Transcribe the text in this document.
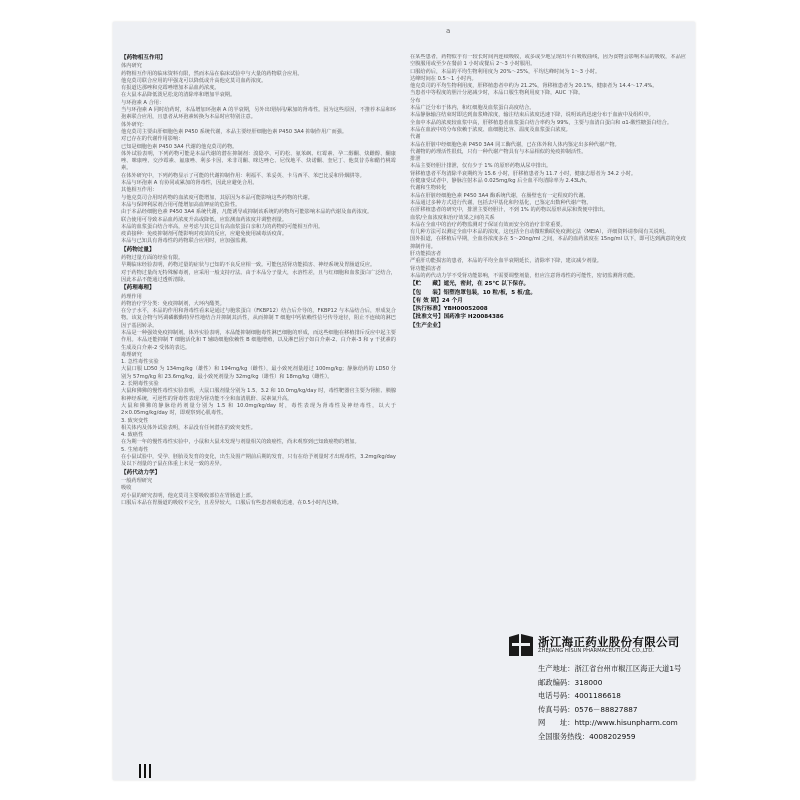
a
【药物相互作用】
体内研究
药物相互作用的临床资料有限，然而本品在临床试验中与大量的药物联合应用。
他克莫司联合应用的甲强龙可以降低或升高他克莫司血药浓度。
有报道达那唑和克霉唑增加本品血药浓度。
在大鼠本品降低泼尼松龙的清除率和增加半衰期。
与环孢素 A 合用：
当与环孢素 A 同时给药时，本品增加环孢素 A 的半衰期，另外出现协同/累加的肾毒性。因为这些原因，不推荐本品和环孢素联合应用，且患者从环孢素转换为本品时应特别注意。
体外研究：
他克莫司主要由肝细胞色素 P450 系统代谢，本品主要经肝细胞色素 P450 3A4 抑制作用广而强。
对已存在的代谢作用影响：
已知是细胞色素 P450 3A4 代谢的他克莫司药物。
体外试验表明，下列药物可能是本品代谢的潜在抑制剂：溴隐亭、可的松、氨苯砜、红霉素、孕二醇酮、炔雌醇、酮康唑、咪康唑、交沙霉素、氟康唑、利多卡因、米非司酮、咪达唑仑、尼伐地平、炔诺酮、奎尼丁、他莫昔芬和醋竹桃霉素。
在体外研究中，下列药物显示了可能的代谢抑制作用：利福平、苯妥英、卡马西平、苯巴比妥和异烟肼等。
本品与环孢素 A 有协同或累加的肾毒性，因此应避免合用。
其他相互作用：
与他克莫司合用时药物的血浓度可能增加，其原因为本品可能影响这些药物的代谢。
本品与保钾利尿剂合用可能增加高血钾症的危险性。
由于本品经细胞色素 P450 3A4 系统代谢，凡能诱导或抑制该系统的药物均可能影响本品的代谢及血药浓度。
联合使用可导致本品血药浓度升高或降低，应监测血药浓度并调整剂量。
本品的血浆蛋白结合率高，应考虑与其它具有高血浆蛋白亲和力的药物的可能相互作用。
疫苗接种：免疫抑制剂可能影响对疫苗的反应，应避免使用减毒活疫苗。
本品与已知具有肾毒性的药物联合应用时，应加强监测。
【药物过量】
药物过量方面的经验有限。
早期临床经验表明，药物过量的症状与已知的不良反应相一致。可能包括肾功能损害、神经系统及胃肠道反应。
对于药物过量尚无特殊解毒剂，应采用一般支持疗法。由于本品分子量大，水溶性差，且与红细胞和血浆蛋白广泛结合，因此本品不能通过透析清除。
【药理毒理】
药理作用
药物治疗学分类：免疫抑制剂，大环内酯类。
在分子水平，本品的作用和肾毒性看来是通过与胞浆蛋白（FKBP12）结合后介导的，FKBP12 与本品结合后，形成复合物。该复合物与钙调磷酸酶特异性地结合并抑制其活性，从而抑制 T 细胞中钙依赖性信号传导途径，阻止不连续的淋巴因子基因转录。
本品是一种强效免疫抑制剂。体外实验表明，本品能抑制细胞毒性淋巴细胞的形成，而这些细胞在移植排斥反应中起主要作用。本品还能抑制 T 细胞活化和 T 辅助细胞依赖性 B 细胞增殖，以及淋巴因子如白介素-2、白介素-3 和 γ 干扰素的生成及白介素-2 受体的表达。
毒理研究
1. 急性毒性实验
大鼠口服 LD50 为 134mg/kg（雄性）和 194mg/kg（雌性），最小致死剂量超过 100mg/kg；静脉给药的 LD50 分别为 57mg/kg 和 23.6mg/kg，最小致死剂量为 32mg/kg（雄性）和 18mg/kg（雌性）。
2. 长期毒性实验
大鼠和狒狒的慢性毒性实验表明，大鼠口服剂量分别为 1.5、3.2 和 10.0mg/kg/day 时，毒性靶器官主要为肾脏、胰腺和神经系统，可逆性的肾毒性表现为肾功能不全和血清肌酐、尿素氮升高。
大鼠和狒狒的静脉给药剂量分别为 1.5 和 10.0mg/kg/day 时，毒性表现为肾毒性及神经毒性，以大于 2×0.05mg/kg/day 时，即观察到心肌毒性。
3. 致突变性
相关体内及体外试验表明，本品没有任何潜在的致突变性。
4. 致癌性
在为期一年的慢性毒性实验中，小鼠和大鼠未发现与剂量相关的致癌性，尚未观察到已知致癌物的增加。
5. 生殖毒性
在小鼠试验中，受孕、胚胎及发育的变化，出生及围产期前后期的发育，只有在给予剂量时才出现毒性，3.2mg/kg/day 及以下剂量的子鼠在体重上未见一致的差异。
【药代动力学】
一般药理研究
吸收
对小鼠的研究表明，他克莫司主要吸收部位在胃肠道上部。
口服后本品在胃肠道的吸收不完全，且差异较大，口服后有些患者吸收迅速，在0.5小时内达峰。
在某些患者，药物似乎有一较长时间内连续吸收，或多或少地呈现出平台吸收曲线，因为食物会影响本品的吸收，本品应空腹服用或至少在餐前 1 小时或餐后 2～3 小时服用。
口服给药后，本品的平均生物利用度为 20%～25%，平均达峰时间为 1～3 小时。
达峰时间在 0.5～1 小时内。
他克莫司的平均生物利用度，肝移植患者中约为 21.2%，肾移植患者为 20.1%，健康者为 14.4～17.4%。
当患者中等程度的胆汁分泌减少时，本品口服生物利用度下降，AUC 下降。
分布
本品广泛分布于体内，和红细胞及血浆蛋白高度结合。
本品静脉输注结束时即达到血浆峰浓度，输注结束后浓度迅速下降，说明该药迅速分布于血液中及组织中。
全血中本品的浓度较血浆中高，肝移植患者血浆蛋白结合率约为 99%，主要与血清白蛋白和 α1-酸性糖蛋白结合。
本品在血液中的分布依赖于浓度、血细胞比容、温度及血浆蛋白浓度。
代谢
本品在肝脏中经细胞色素 P450 3A4 同工酶代谢，已在体外和人体内鉴定出多种代谢产物。
代谢物的药理活性很低，只有一种代谢产物具有与本品相似的免疫抑制活性。
排泄
本品主要经胆汁排泄，仅有少于 1% 的原形药物从尿中排出。
肾移植患者平均清除半衰期约为 15.6 小时，肝移植患者为 11.7 小时，健康志愿者为 34.2 小时。
在健康受试者中，静脉注射本品 0.025mg/kg 后全血平均清除率为 2.43L/h。
代谢和生物转化
本品在肝脏经细胞色素 P450 3A4 酶系统代谢，在肠壁也有一定程度的代谢。
本品通过多种方式进行代谢，包括去甲基化和羟基化，已鉴定出数种代谢产物。
在肝移植患者的研究中，排泄主要经胆汁，不到 1% 的药物以原形从尿和粪便中排出。
血浆/全血浓度和治疗效果之间的关系
本品在全血中的治疗药物监测对于保证有效而安全的治疗非常重要。
有几种方法可以测定全血中本品的浓度，这包括全自动微粒酶联免疫测定法（MEIA），详细资料请参阅有关说明。
国外报道，在移植后早期，全血谷浓度多在 5～20ng/ml 之间，本品的血药浓度在 15ng/ml 以下，即可达到满意的免疫抑制作用。
肝功能损害者
严重肝功能损害的患者，本品的平均全血半衰期延长，清除率下降，建议减少剂量。
肾功能损害者
本品的药代动力学不受肾功能影响，不需要调整剂量，但应注意肾毒性的可能性，密切监测肾功能。
【贮　　藏】遮光，密封，在 25℃ 以下保存。
【包　　装】铝塑泡罩包装，10 粒/板，5 板/盒。
【有 效 期】24 个月
【执行标准】YBH00052008
【批准文号】国药准字 H20084386
【生产企业】
浙江海正药业股份有限公司
ZHEJIANG HISUN PHARMACEUTICAL CO.,LTD.
生产地址：浙江省台州市椒江区海正大道1号
邮政编码：318000
电话号码：4001186618
传真号码：0576－88827887
网　　址：http://www.hisunpharm.com
全国服务热线：4008202959
